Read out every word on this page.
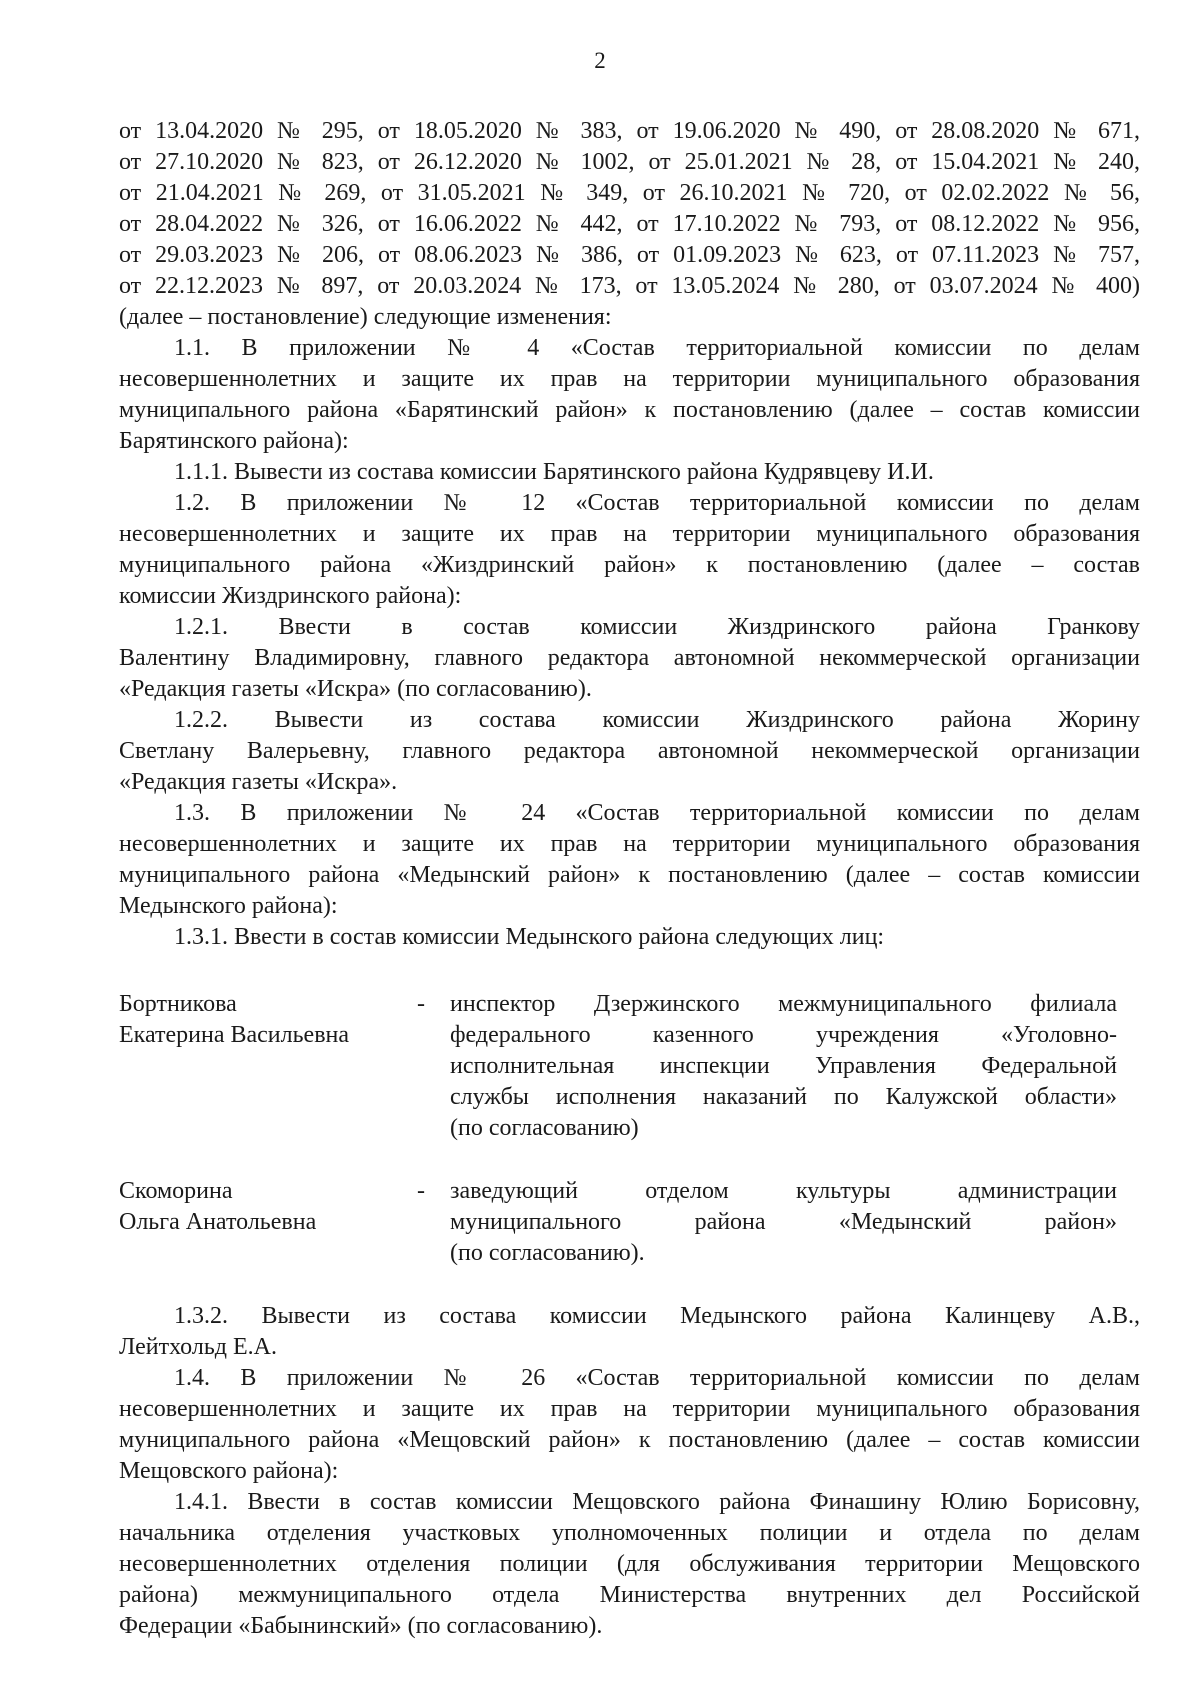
2
от 13.04.2020 № 295, от 18.05.2020 № 383, от 19.06.2020 № 490, от 28.08.2020 № 671,
от 27.10.2020 № 823, от 26.12.2020 № 1002, от 25.01.2021 № 28, от 15.04.2021 № 240,
от 21.04.2021 № 269, от 31.05.2021 № 349, от 26.10.2021 № 720, от 02.02.2022 № 56,
от 28.04.2022 № 326, от 16.06.2022 № 442, от 17.10.2022 № 793, от 08.12.2022 № 956,
от 29.03.2023 № 206, от 08.06.2023 № 386, от 01.09.2023 № 623, от 07.11.2023 № 757,
от 22.12.2023 № 897, от 20.03.2024 № 173, от 13.05.2024 № 280, от 03.07.2024 № 400)
(далее – постановление) следующие изменения:
1.1. В приложении № 4 «Состав территориальной комиссии по делам
несовершеннолетних и защите их прав на территории муниципального образования
муниципального района «Барятинский район» к постановлению (далее – состав комиссии
Барятинского района):
1.1.1. Вывести из состава комиссии Барятинского района Кудрявцеву И.И.
1.2. В приложении № 12 «Состав территориальной комиссии по делам
несовершеннолетних и защите их прав на территории муниципального образования
муниципального района «Жиздринский район» к постановлению (далее – состав
комиссии Жиздринского района):
1.2.1. Ввести в состав комиссии Жиздринского района Гранкову
Валентину Владимировну, главного редактора автономной некоммерческой организации
«Редакция газеты «Искра» (по согласованию).
1.2.2. Вывести из состава комиссии Жиздринского района Жорину
Светлану Валерьевну, главного редактора автономной некоммерческой организации
«Редакция газеты «Искра».
1.3. В приложении № 24 «Состав территориальной комиссии по делам
несовершеннолетних и защите их прав на территории муниципального образования
муниципального района «Медынский район» к постановлению (далее – состав комиссии
Медынского района):
1.3.1. Ввести в состав комиссии Медынского района следующих лиц:
Бортникова
Екатерина Васильевна
-	инспектор Дзержинского межмуниципального филиала
федерального казенного учреждения «Уголовно-
исполнительная инспекции Управления Федеральной
службы исполнения наказаний по Калужской области»
(по согласованию)
Скоморина
Ольга Анатольевна
-	заведующий отделом культуры администрации
муниципального района «Медынский район»
(по согласованию).
1.3.2. Вывести из состава комиссии Медынского района Калинцеву А.В.,
Лейтхольд Е.А.
1.4. В приложении № 26 «Состав территориальной комиссии по делам
несовершеннолетних и защите их прав на территории муниципального образования
муниципального района «Мещовский район» к постановлению (далее – состав комиссии
Мещовского района):
1.4.1. Ввести в состав комиссии Мещовского района Финашину Юлию Борисовну,
начальника отделения участковых уполномоченных полиции и отдела по делам
несовершеннолетних отделения полиции (для обслуживания территории Мещовского
района) межмуниципального отдела Министерства внутренних дел Российской
Федерации «Бабынинский» (по согласованию).
